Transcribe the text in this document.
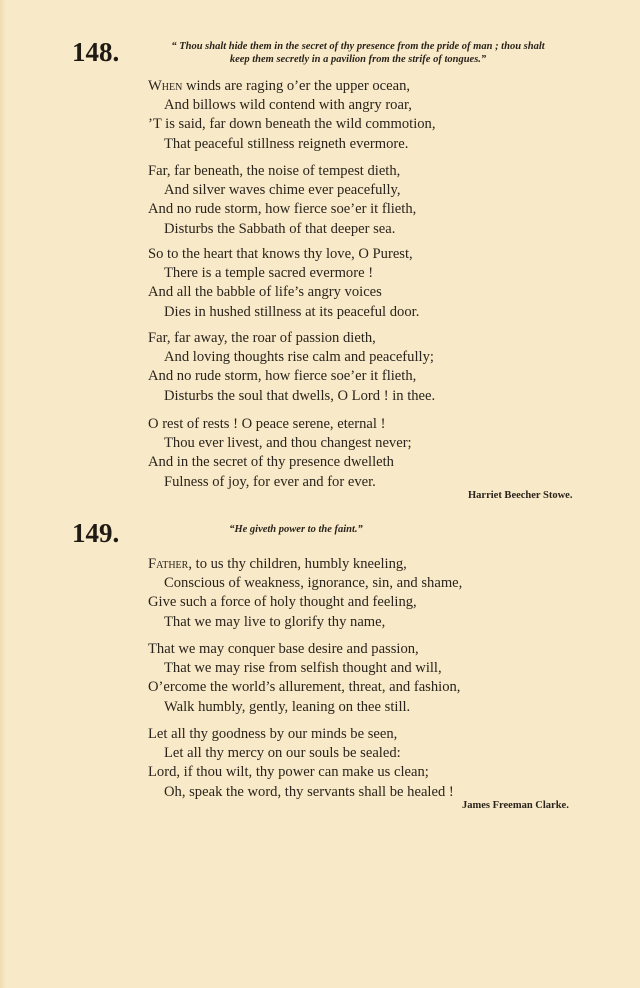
148.	“ Thou shalt hide them in the secret of thy presence from the pride of man ; thou shalt
keep them secretly in a pavilion from the strife of tongues.”
When winds are raging o’er the upper ocean,
And billows wild contend with angry roar,
’T is said, far down beneath the wild commotion,
That peaceful stillness reigneth evermore.
Far, far beneath, the noise of tempest dieth,
And silver waves chime ever peacefully,
And no rude storm, how fierce soe’er it flieth,
Disturbs the Sabbath of that deeper sea.
So to the heart that knows thy love, O Purest,
There is a temple sacred evermore !
And all the babble of life’s angry voices
Dies in hushed stillness at its peaceful door.
Far, far away, the roar of passion dieth,
And loving thoughts rise calm and peacefully;
And no rude storm, how fierce soe’er it flieth,
Disturbs the soul that dwells, O Lord ! in thee.
O rest of rests ! O peace serene, eternal !
Thou ever livest, and thou changest never;
And in the secret of thy presence dwelleth
Fulness of joy, for ever and for ever.
Harriet Beecher Stowe.
149.	“He giveth power to the faint.”
Father, to us thy children, humbly kneeling,
Conscious of weakness, ignorance, sin, and shame,
Give such a force of holy thought and feeling,
That we may live to glorify thy name,
That we may conquer base desire and passion,
That we may rise from selfish thought and will,
O’ercome the world’s allurement, threat, and fashion,
Walk humbly, gently, leaning on thee still.
Let all thy goodness by our minds be seen,
Let all thy mercy on our souls be sealed:
Lord, if thou wilt, thy power can make us clean;
Oh, speak the word, thy servants shall be healed !
James Freeman Clarke.
